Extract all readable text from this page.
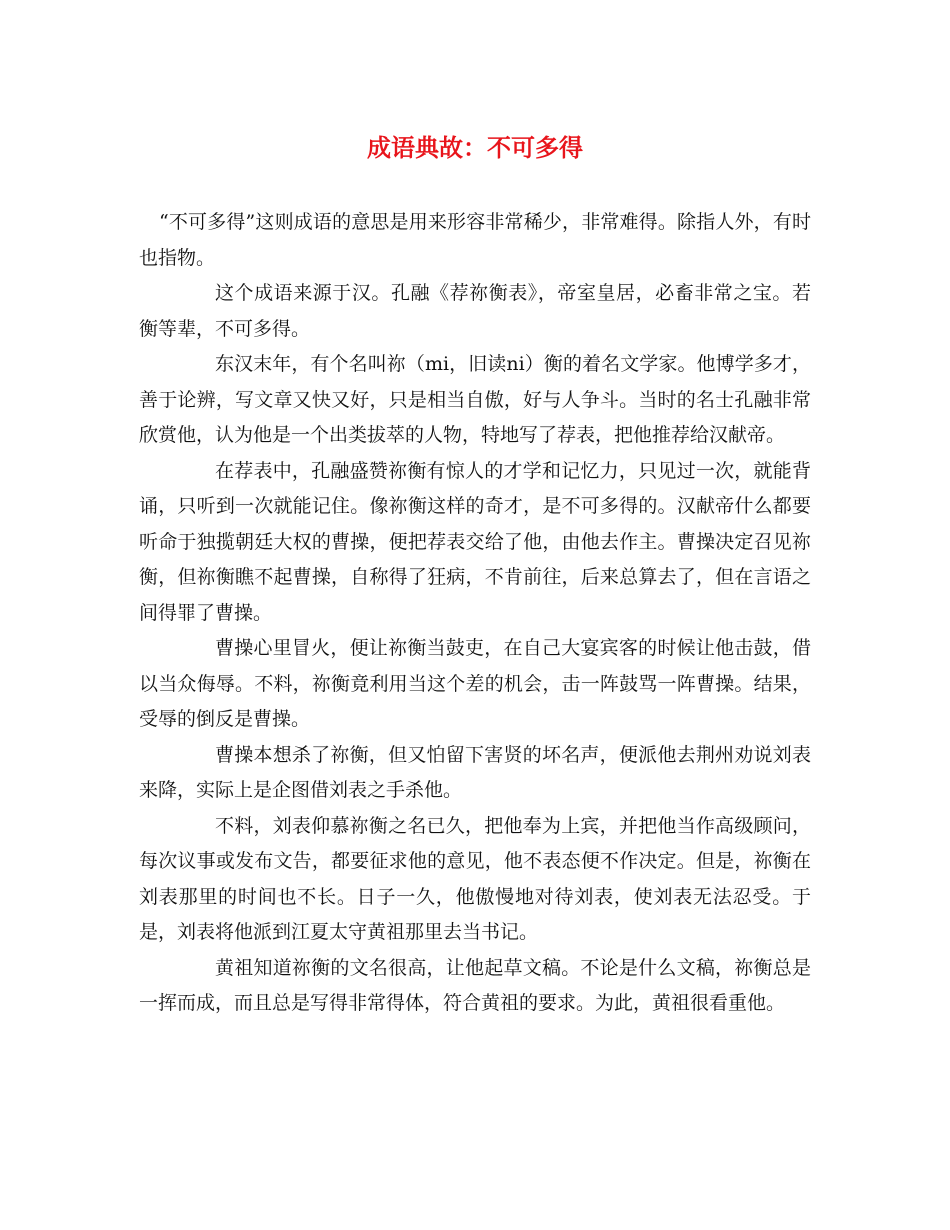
成语典故：不可多得

“不可多得”这则成语的意思是用来形容非常稀少，非常难得。除指人外，有时也指物。

这个成语来源于汉。孔融《荐祢衡表》，帝室皇居，必畜非常之宝。若衡等辈，不可多得。

东汉末年，有个名叫祢（mi，旧读ni）衡的着名文学家。他博学多才，善于论辨，写文章又快又好，只是相当自傲，好与人争斗。当时的名士孔融非常欣赏他，认为他是一个出类拔萃的人物，特地写了荐表，把他推荐给汉献帝。

在荐表中，孔融盛赞祢衡有惊人的才学和记忆力，只见过一次，就能背诵，只听到一次就能记住。像祢衡这样的奇才，是不可多得的。汉献帝什么都要听命于独揽朝廷大权的曹操，便把荐表交给了他，由他去作主。曹操决定召见祢衡，但祢衡瞧不起曹操，自称得了狂病，不肯前往，后来总算去了，但在言语之间得罪了曹操。

曹操心里冒火，便让祢衡当鼓吏，在自己大宴宾客的时候让他击鼓，借以当众侮辱。不料，祢衡竟利用当这个差的机会，击一阵鼓骂一阵曹操。结果，受辱的倒反是曹操。

曹操本想杀了祢衡，但又怕留下害贤的坏名声，便派他去荆州劝说刘表来降，实际上是企图借刘表之手杀他。

不料，刘表仰慕祢衡之名已久，把他奉为上宾，并把他当作高级顾问，每次议事或发布文告，都要征求他的意见，他不表态便不作决定。但是，祢衡在刘表那里的时间也不长。日子一久，他傲慢地对待刘表，使刘表无法忍受。于是，刘表将他派到江夏太守黄祖那里去当书记。

黄祖知道祢衡的文名很高，让他起草文稿。不论是什么文稿，祢衡总是一挥而成，而且总是写得非常得体，符合黄祖的要求。为此，黄祖很看重他。
